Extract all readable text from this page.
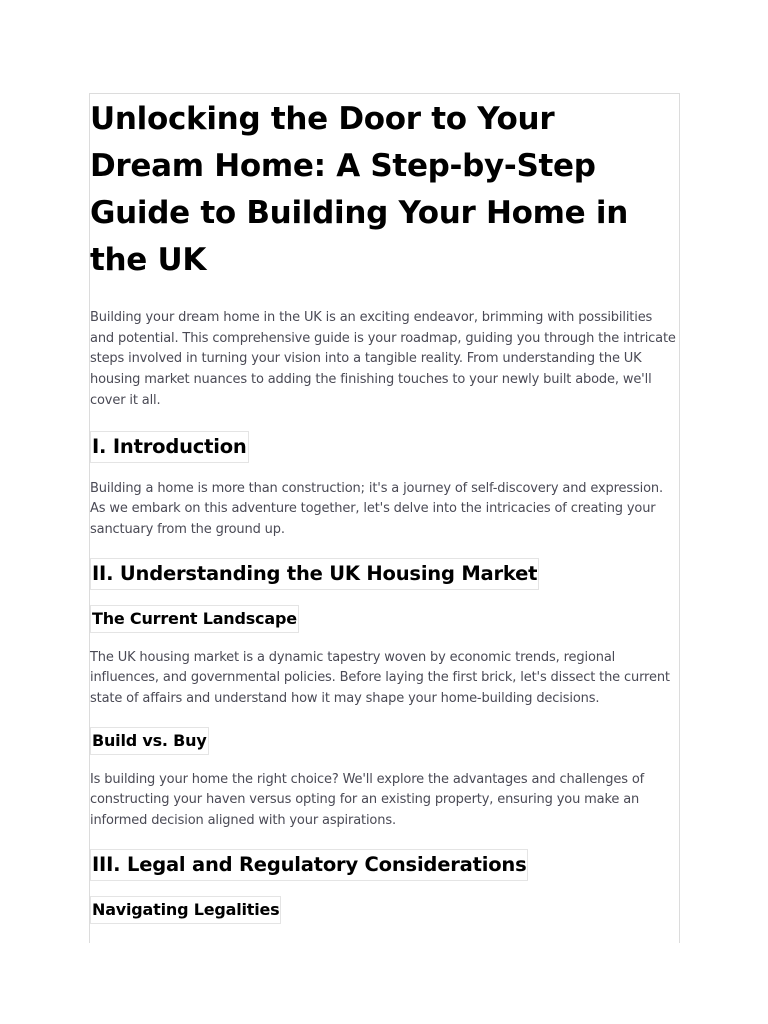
Unlocking the Door to Your Dream Home: A Step-by-Step Guide to Building Your Home in the UK

Building your dream home in the UK is an exciting endeavor, brimming with possibilities and potential. This comprehensive guide is your roadmap, guiding you through the intricate steps involved in turning your vision into a tangible reality. From understanding the UK housing market nuances to adding the finishing touches to your newly built abode, we'll cover it all.

I. Introduction

Building a home is more than construction; it's a journey of self-discovery and expression. As we embark on this adventure together, let's delve into the intricacies of creating your sanctuary from the ground up.

II. Understanding the UK Housing Market
The Current Landscape

The UK housing market is a dynamic tapestry woven by economic trends, regional influences, and governmental policies. Before laying the first brick, let's dissect the current state of affairs and understand how it may shape your home-building decisions.

Build vs. Buy

Is building your home the right choice? We'll explore the advantages and challenges of constructing your haven versus opting for an existing property, ensuring you make an informed decision aligned with your aspirations.

III. Legal and Regulatory Considerations
Navigating Legalities
